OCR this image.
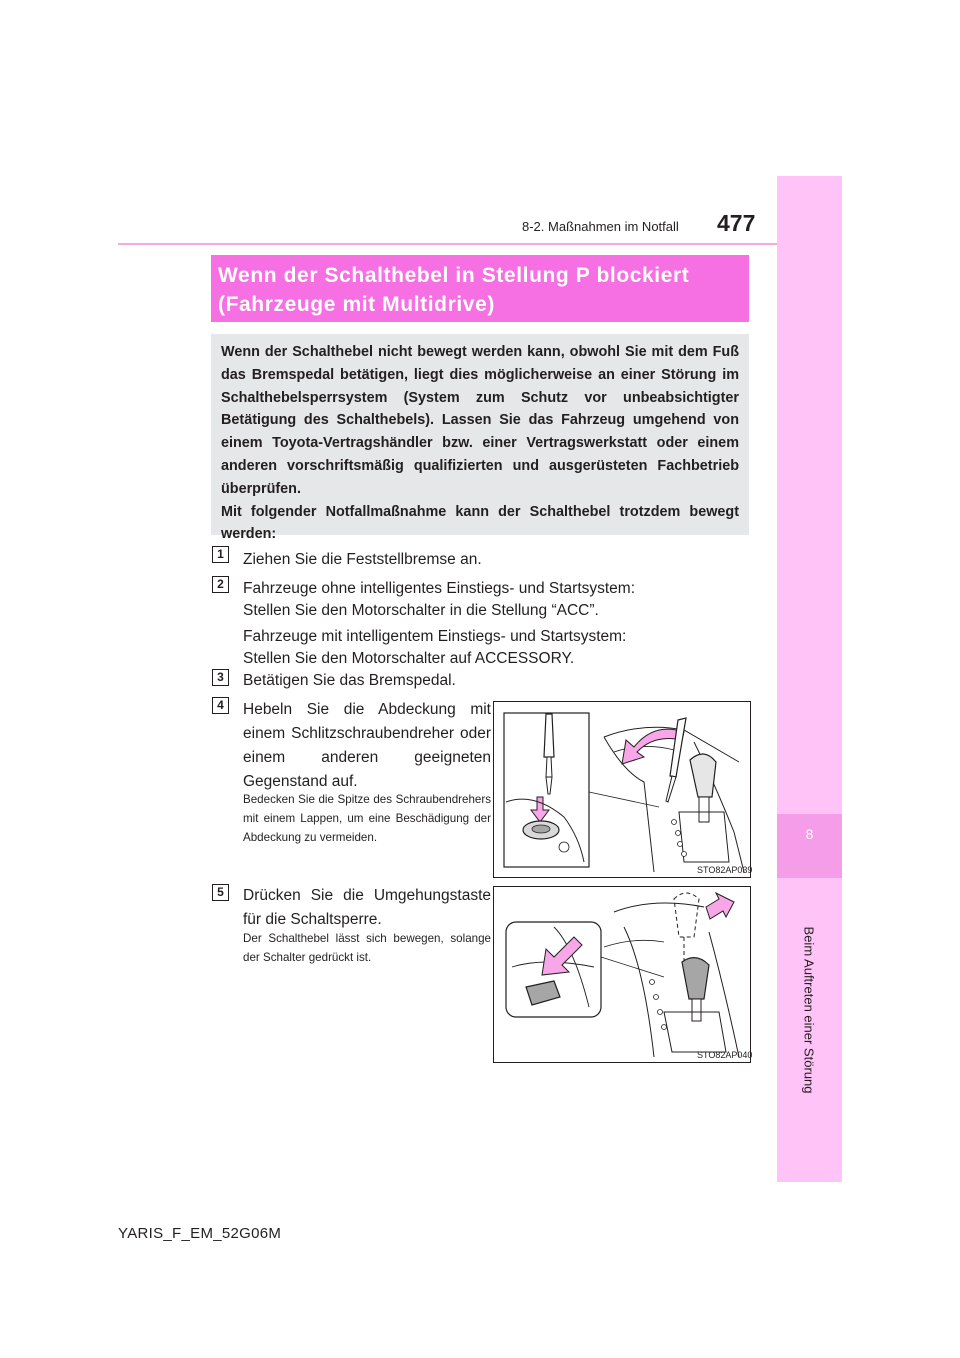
8-2. Maßnahmen im Notfall 477
8
Beim Auftreten einer Störung
Wenn der Schalthebel in Stellung P blockiert
(Fahrzeuge mit Multidrive)
Wenn der Schalthebel nicht bewegt werden kann, obwohl Sie mit dem Fuß das Bremspedal betätigen, liegt dies möglicherweise an einer Störung im Schalthebelsperrsystem (System zum Schutz vor unbeabsichtigter Betätigung des Schalthebels). Lassen Sie das Fahrzeug umgehend von einem Toyota-Vertragshändler bzw. einer Vertragswerkstatt oder einem anderen vorschriftsmäßig qualifizierten und ausgerüsteten Fachbetrieb überprüfen.
Mit folgender Notfallmaßnahme kann der Schalthebel trotzdem bewegt werden:
1	Ziehen Sie die Feststellbremse an.
2	Fahrzeuge ohne intelligentes Einstiegs- und Startsystem:
Stellen Sie den Motorschalter in die Stellung “ACC”.
Fahrzeuge mit intelligentem Einstiegs- und Startsystem:
Stellen Sie den Motorschalter auf ACCESSORY.
3	Betätigen Sie das Bremspedal.
4	Hebeln Sie die Abdeckung mit einem Schlitzschraubendreher oder einem anderen geeigneten Gegenstand auf.
Bedecken Sie die Spitze des Schraubendrehers mit einem Lappen, um eine Beschädigung der Abdeckung zu vermeiden.
STO82AP039
5	Drücken Sie die Umgehungstaste für die Schaltsperre.
Der Schalthebel lässt sich bewegen, solange der Schalter gedrückt ist.
STO82AP040
YARIS_F_EM_52G06M
